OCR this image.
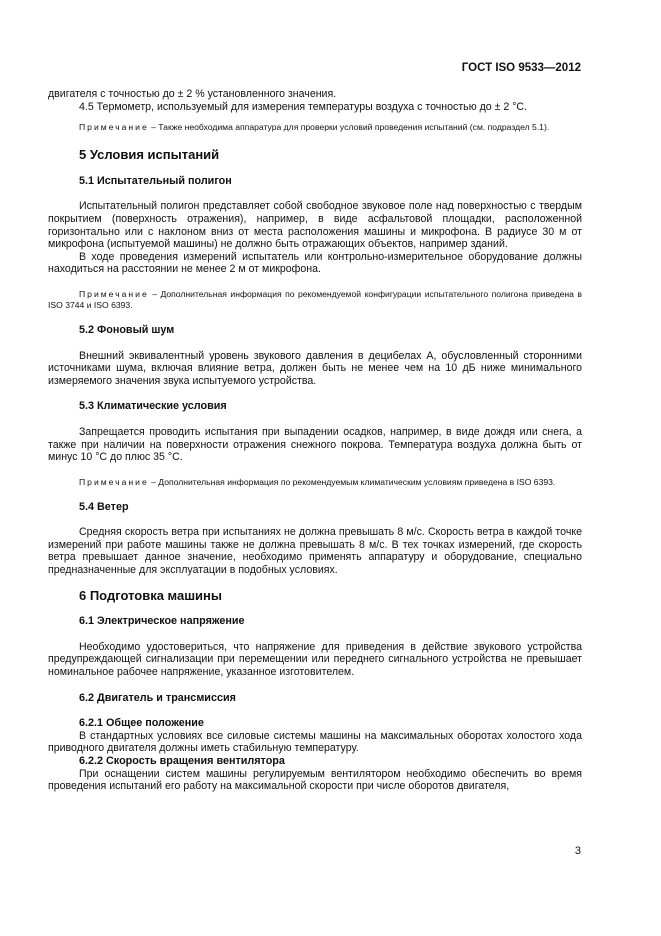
ГОСТ ISO 9533—2012

двигателя с точностью до ± 2 % установленного значения.

4.5 Термометр, используемый для измерения температуры воздуха с точностью до ± 2 °С.

Примечание – Также необходима аппаратура для проверки условий проведения испытаний (см. подраздел 5.1).

5 Условия испытаний
5.1 Испытательный полигон

Испытательный полигон представляет собой свободное звуковое поле над поверхностью с твердым покрытием (поверхность отражения), например, в виде асфальтовой площадки, расположенной горизонтально или с наклоном вниз от места расположения машины и микрофона. В радиусе 30 м от микрофона (испытуемой машины) не должно быть отражающих объектов, например зданий.

В ходе проведения измерений испытатель или контрольно-измерительное оборудование должны находиться на расстоянии не менее 2 м от микрофона.

Примечание – Дополнительная информация по рекомендуемой конфигурации испытательного полигона приведена в ISO 3744 и ISO 6393.

5.2 Фоновый шум

Внешний эквивалентный уровень звукового давления в децибелах А, обусловленный сторонними источниками шума, включая влияние ветра, должен быть не менее чем на 10 дБ ниже минимального измеряемого значения звука испытуемого устройства.

5.3 Климатические условия

Запрещается проводить испытания при выпадении осадков, например, в виде дождя или снега, а также при наличии на поверхности отражения снежного покрова. Температура воздуха должна быть от минус 10 °С до плюс 35 °С.

Примечание – Дополнительная информация по рекомендуемым климатическим условиям приведена в ISO 6393.

5.4 Ветер

Средняя скорость ветра при испытаниях не должна превышать 8 м/с. Скорость ветра в каждой точке измерений при работе машины также не должна превышать 8 м/с. В тех точках измерений, где скорость ветра превышает данное значение, необходимо применять аппаратуру и оборудование, специально предназначенные для эксплуатации в подобных условиях.

6 Подготовка машины
6.1 Электрическое напряжение

Необходимо удостовериться, что напряжение для приведения в действие звукового устройства предупреждающей сигнализации при перемещении или переднего сигнального устройства не превышает номинальное рабочее напряжение, указанное изготовителем.

6.2 Двигатель и трансмиссия
6.2.1 Общее положение

В стандартных условиях все силовые системы машины на максимальных оборотах холостого хода приводного двигателя должны иметь стабильную температуру.

6.2.2 Скорость вращения вентилятора

При оснащении систем машины регулируемым вентилятором необходимо обеспечить во время проведения испытаний его работу на максимальной скорости при числе оборотов двигателя,

3
